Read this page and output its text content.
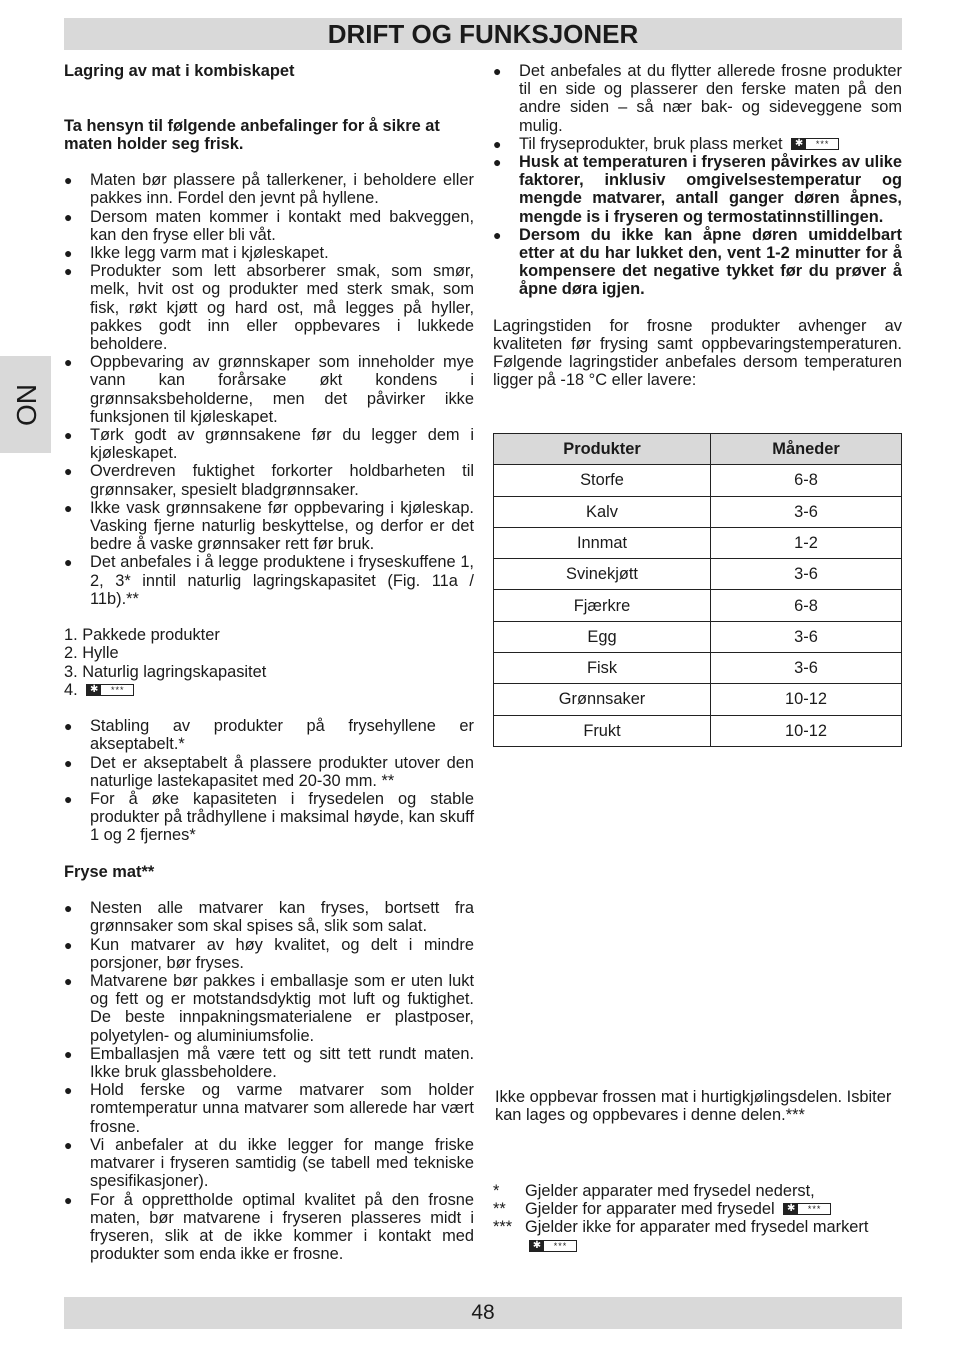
DRIFT OG FUNKSJONER
NO

Lagring av mat i kombiskapet

Ta hensyn til følgende anbefalinger for å sikre at maten holder seg frisk.

● Maten bør plassere på tallerkener, i beholdere eller pakkes inn. Fordel den jevnt på hyllene.
● Dersom maten kommer i kontakt med bakveggen, kan den fryse eller bli våt.
● Ikke legg varm mat i kjøleskapet.
● Produkter som lett absorberer smak, som smør, melk, hvit ost og produkter med sterk smak, som fisk, røkt kjøtt og hard ost, må legges på hyller, pakkes godt inn eller oppbevares i lukkede beholdere.
● Oppbevaring av grønnskaper som inneholder mye vann kan forårsake økt kondens i grønnsaksbeholderne, men det påvirker ikke funksjonen til kjøleskapet.
● Tørk godt av grønnsakene før du legger dem i kjøleskapet.
● Overdreven fuktighet forkorter holdbarheten til grønnsaker, spesielt bladgrønnsaker.
● Ikke vask grønnsakene før oppbevaring i kjøleskap. Vasking fjerne naturlig beskyttelse, og derfor er det bedre å vaske grønnsaker rett før bruk.
● Det anbefales i å legge produktene i fryseskuffene 1, 2, 3* inntil naturlig lagringskapasitet (Fig. 11a / 11b).**

1. Pakkede produkter

2. Hylle

3. Naturlig lagringskapasitet

4. ✱	***

● Stabling av produkter på frysehyllene er akseptabelt.*
● Det er akseptabelt å plassere produkter utover den naturlige lastekapasitet med 20-30 mm. **
● For å øke kapasiteten i frysedelen og stable produkter på trådhyllene i maksimal høyde, kan skuff 1 og 2 fjernes*

Fryse mat**

● Nesten alle matvarer kan fryses, bortsett fra grønnsaker som skal spises så, slik som salat.
● Kun matvarer av høy kvalitet, og delt i mindre porsjoner, bør fryses.
● Matvarene bør pakkes i emballasje som er uten lukt og fett og er motstandsdyktig mot luft og fuktighet. De beste innpakningsmaterialene er plastposer, polyetylen- og aluminiumsfolie.
● Emballasjen må være tett og sitt tett rundt maten. Ikke bruk glassbeholdere.
● Hold ferske og varme matvarer som holder romtemperatur unna matvarer som allerede har vært frosne.
● Vi anbefaler at du ikke legger for mange friske matvarer i fryseren samtidig (se tabell med tekniske spesifikasjoner).
● For å opprettholde optimal kvalitet på den frosne maten, bør matvarene i fryseren plasseres midt i fryseren, slik at de ikke kommer i kontakt med produkter som enda ikke er frosne.
● Det anbefales at du flytter allerede frosne produkter til en side og plasserer den ferske maten på den andre siden – så nær bak- og sideveggene som mulig.
● Til fryseprodukter, bruk plass merket ✱	***
● Husk at temperaturen i fryseren påvirkes av ulike faktorer, inklusiv omgivelsestemperatur og mengde matvarer, antall ganger døren åpnes, mengde is i fryseren og termostatinnstillingen.
● Dersom du ikke kan åpne døren umiddelbart etter at du har lukket den, vent 1-2 minutter for å kompensere det negative tykket før du prøver å åpne døra igjen.

Lagringstiden for frosne produkter avhenger av kvaliteten før frysing samt oppbevaringstemperaturen. Følgende lagringstider anbefales dersom temperaturen ligger på -18 °C eller lavere:

Produkter	Måneder
Storfe	6-8
Kalv	3-6
Innmat	1-2
Svinekjøtt	3-6
Fjærkre	6-8
Egg	3-6
Fisk	3-6
Grønnsaker	10-12
Frukt	10-12

Ikke oppbevar frossen mat i hurtigkjølingsdelen. Isbiter kan lages og oppbevares i denne delen.***

* Gjelder apparater med frysedel nederst,
** Gjelder for apparater med frysedel ✱	***
*** Gjelder ikke for apparater med frysedel markert
✱	***
48
